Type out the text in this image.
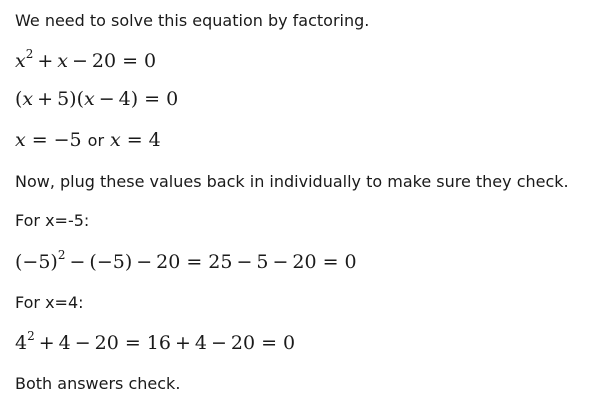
We need to solve this equation by factoring.
$x^2 + x - 20 = 0$
(x + 5)(x − 4) = 0
x = −5 or x = 4
Now, plug these values back in individually to make sure they check.
For x=-5:
$(-5)^2 - (-5) - 20 = 25 - 5 - 20 = 0$
For x=4:
$4^2 + 4 - 20 = 16 + 4 - 20 = 0$
Both answers check.
